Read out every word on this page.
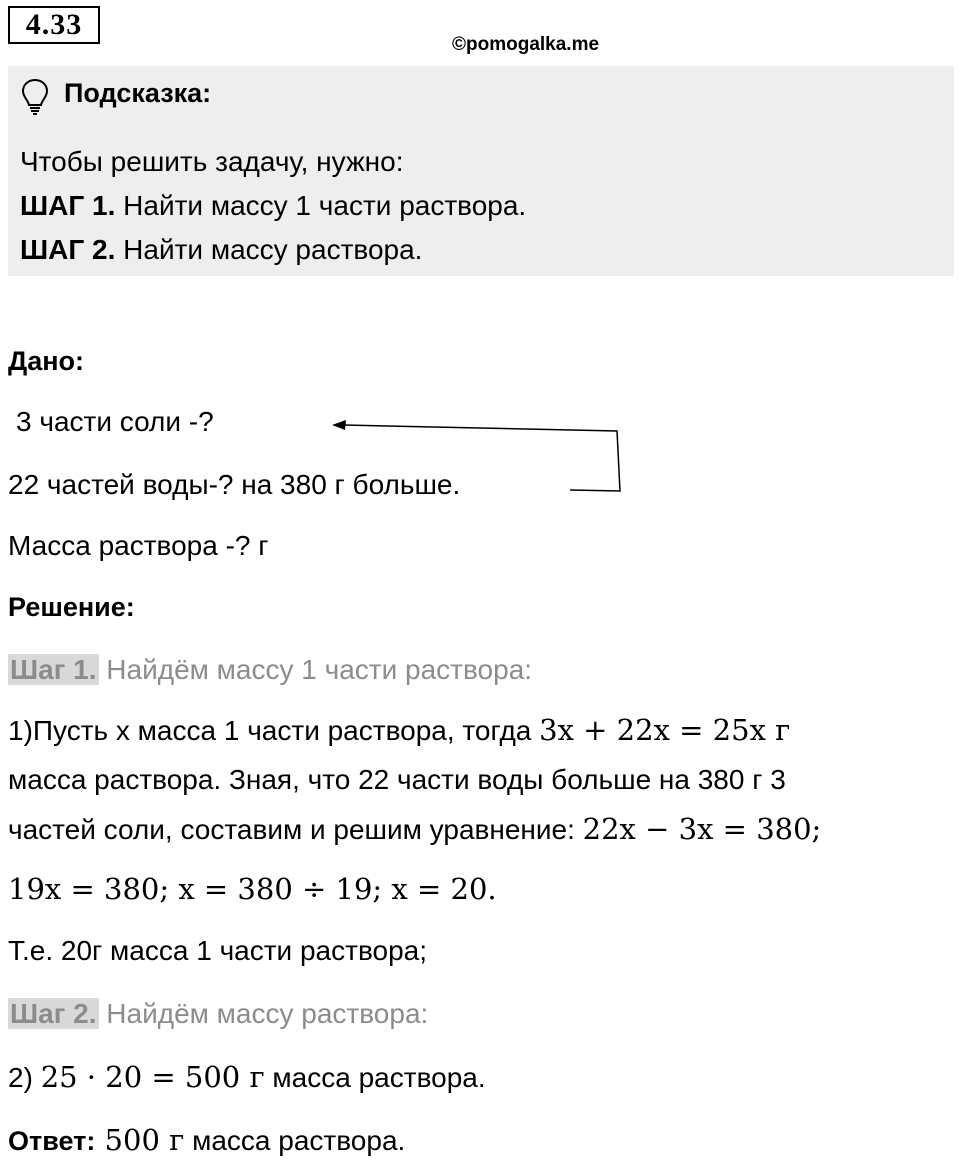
4.33
©pomogalka.me
Подсказка:
Чтобы решить задачу, нужно:
ШАГ 1. Найти массу 1 части раствора.
ШАГ 2. Найти массу раствора.
Дано:
3 части соли -?
22 частей воды-? на 380 г больше.
Масса раствора -? г
Решение:
Шаг 1. Найдём массу 1 части раствора:
1)Пусть х масса 1 части раствора, тогда 3x + 22x = 25x г
масса раствора. Зная, что 22 части воды больше на 380 г 3
частей соли, составим и решим уравнение: 22x − 3x = 380;
19x = 380; x = 380 ÷ 19; x = 20.
Т.е. 20г масса 1 части раствора;
Шаг 2. Найдём массу раствора:
2) 25 · 20 = 500 г масса раствора.
Ответ: 500 г масса раствора.
